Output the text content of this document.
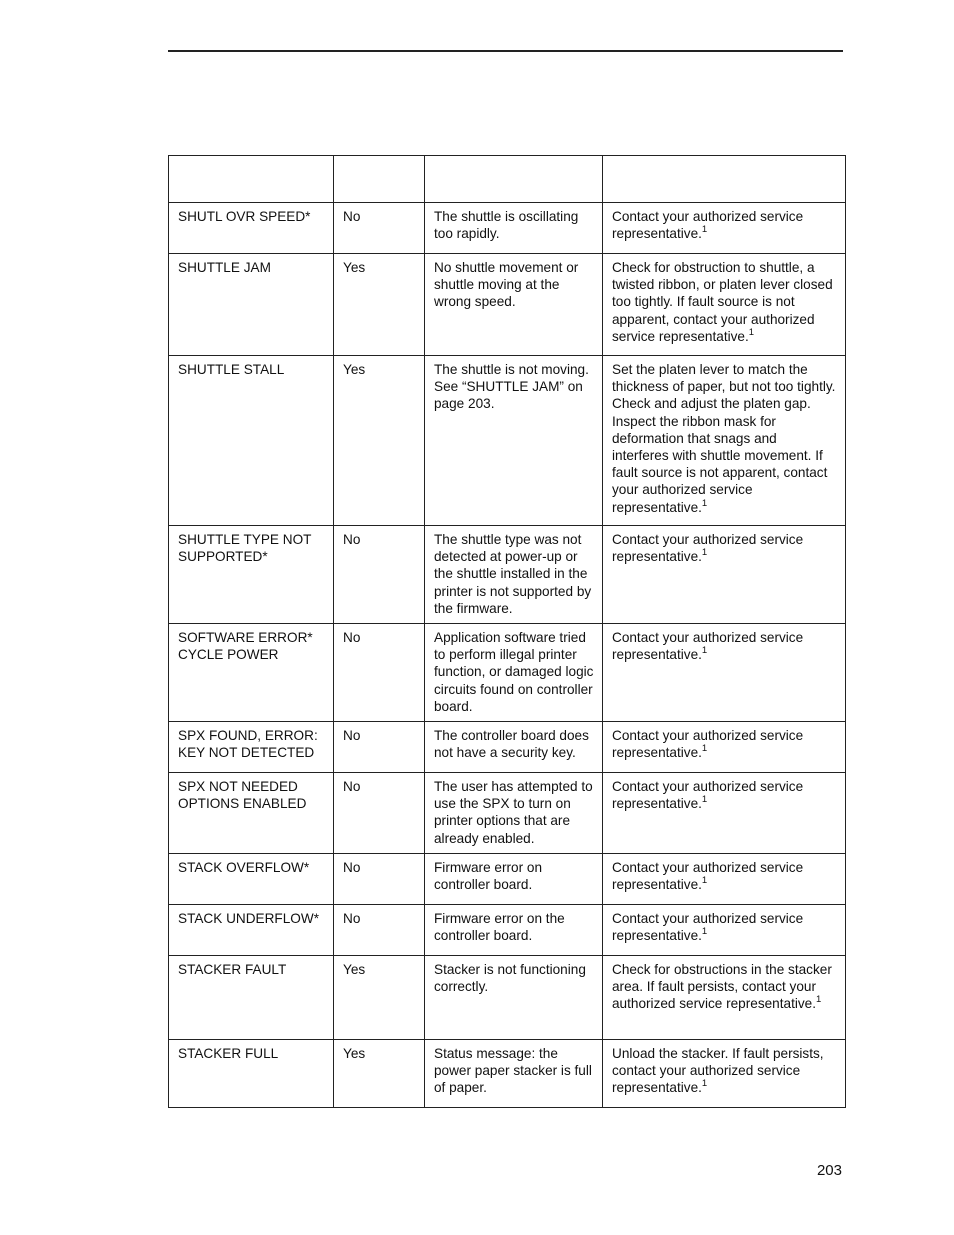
SHUTL OVR SPEED*	No	The shuttle is oscillating too rapidly.	Contact your authorized service representative.$^1$
SHUTTLE JAM	Yes	No shuttle movement or shuttle moving at the wrong speed.	Check for obstruction to shuttle, a twisted ribbon, or platen lever closed too tightly. If fault source is not apparent, contact your authorized service representative.$^1$
SHUTTLE STALL	Yes	The shuttle is not moving. See “SHUTTLE JAM” on page 203.	Set the platen lever to match the thickness of paper, but not too tightly. Check and adjust the platen gap. Inspect the ribbon mask for deformation that snags and interferes with shuttle movement. If fault source is not apparent, contact your authorized service representative.$^1$
SHUTTLE TYPE NOT SUPPORTED*	No	The shuttle type was not detected at power-up or the shuttle installed in the printer is not supported by the firmware.	Contact your authorized service representative.$^1$
SOFTWARE ERROR* CYCLE POWER	No	Application software tried to perform illegal printer function, or damaged logic circuits found on controller board.	Contact your authorized service representative.$^1$
SPX FOUND, ERROR: KEY NOT DETECTED	No	The controller board does not have a security key.	Contact your authorized service representative.$^1$
SPX NOT NEEDED OPTIONS ENABLED	No	The user has attempted to use the SPX to turn on printer options that are already enabled.	Contact your authorized service representative.$^1$
STACK OVERFLOW*	No	Firmware error on controller board.	Contact your authorized service representative.$^1$
STACK UNDERFLOW*	No	Firmware error on the controller board.	Contact your authorized service representative.$^1$
STACKER FAULT	Yes	Stacker is not functioning correctly.	Check for obstructions in the stacker area. If fault persists, contact your authorized service representative.$^1$
STACKER FULL	Yes	Status message: the power paper stacker is full of paper.	Unload the stacker. If fault persists, contact your authorized service representative.$^1$
203
